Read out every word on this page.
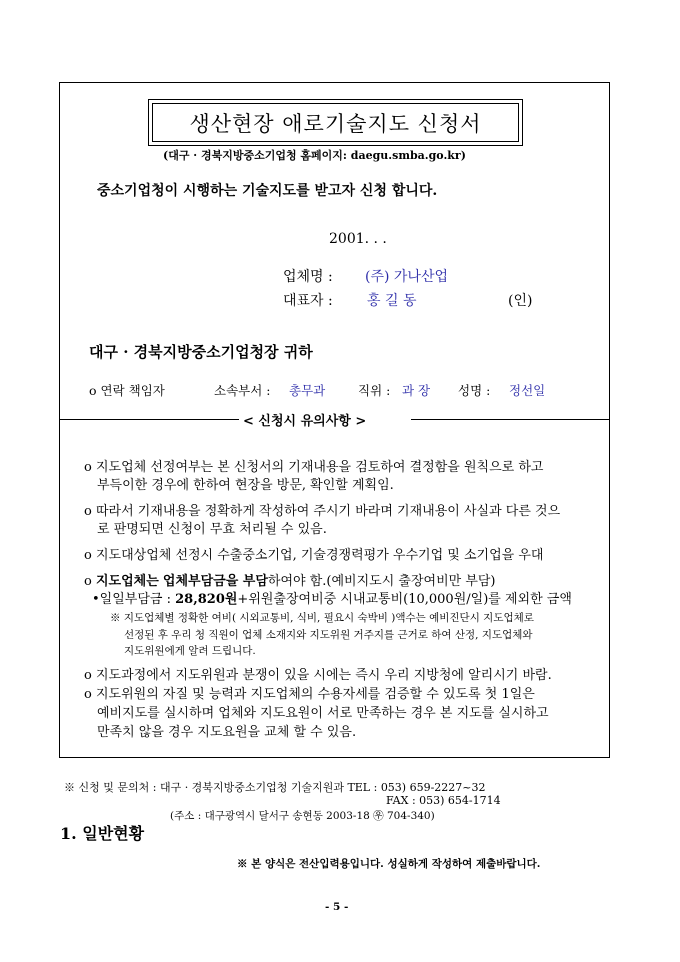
생산현장 애로기술지도 신청서
(대구 · 경북지방중소기업청 홈페이지: daegu.smba.go.kr)
중소기업청이 시행하는 기술지도를 받고자 신청 합니다.
2001. . .
업체명 : (주) 가나산업
대표자 : 홍 길 동	(인)
대구 · 경북지방중소기업청장 귀하
o 연락 책임자	소속부서 : 총무과	직위 : 과 장 성명 : 정선일
< 신청시 유의사항 >
o 지도업체 선정여부는 본 신청서의 기재내용을 검토하여 결정함을 원칙으로 하고
부득이한 경우에 한하여 현장을 방문, 확인할 계획임.
o 따라서 기재내용을 정확하게 작성하여 주시기 바라며 기재내용이 사실과 다른 것으
로 판명되면 신청이 무효 처리될 수 있음.
o 지도대상업체 선정시 수출중소기업, 기술경쟁력평가 우수기업 및 소기업을 우대
o 지도업체는 업체부담금을 부담하여야 함.(예비지도시 출장여비만 부담)
•일일부담금 : 28,820원+위원출장여비중 시내교통비(10,000원/일)를 제외한 금액
※ 지도업체별 정확한 여비( 시외교통비, 식비, 필요시 숙박비 )액수는 예비진단시 지도업체로
선정된 후 우리 청 직원이 업체 소재지와 지도위원 거주지를 근거로 하여 산정, 지도업체와
지도위원에게 알려 드립니다.
o 지도과정에서 지도위원과 분쟁이 있을 시에는 즉시 우리 지방청에 알리시기 바람.
o 지도위원의 자질 및 능력과 지도업체의 수용자세를 검증할 수 있도록 첫 1일은
예비지도를 실시하며 업체와 지도요원이 서로 만족하는 경우 본 지도를 실시하고
만족치 않을 경우 지도요원을 교체 할 수 있음.
※ 신청 및 문의처 : 대구 · 경북지방중소기업청 기술지원과 TEL : 053) 659-2227~32
FAX : 053) 654-1714
(주소 : 대구광역시 달서구 송현동 2003-18 ㉾ 704-340)
1. 일반현황
※ 본 양식은 전산입력용입니다. 성실하게 작성하여 제출바랍니다.
- 5 -
